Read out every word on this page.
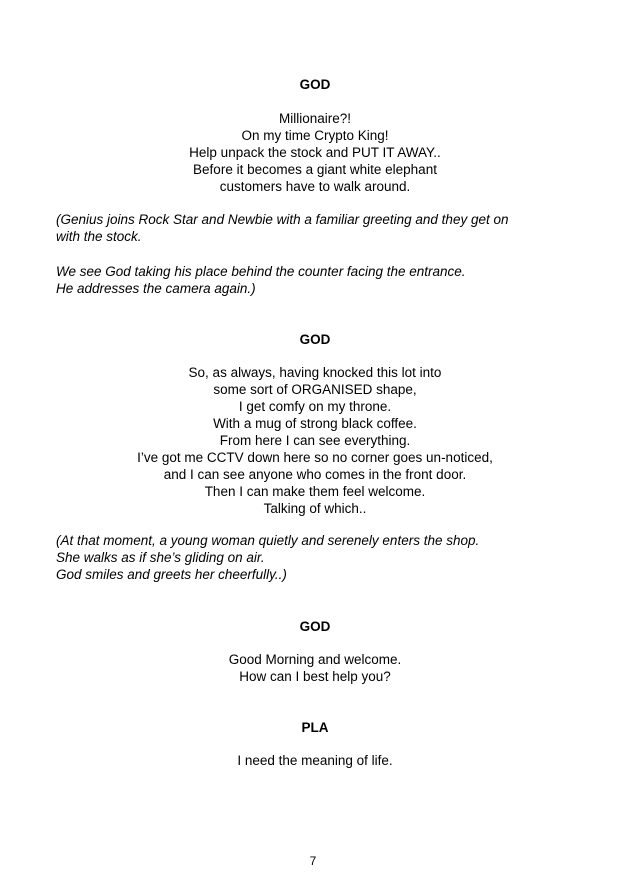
GOD
Millionaire?!
On my time Crypto King!
Help unpack the stock and PUT IT AWAY..
Before it becomes a giant white elephant
customers have to walk around.
(Genius joins Rock Star and Newbie with a familiar greeting and they get on
with the stock.
We see God taking his place behind the counter facing the entrance.
He addresses the camera again.)
GOD
So, as always, having knocked this lot into
some sort of ORGANISED shape,
I get comfy on my throne.
With a mug of strong black coffee.
From here I can see everything.
I’ve got me CCTV down here so no corner goes un-noticed,
and I can see anyone who comes in the front door.
Then I can make them feel welcome.
Talking of which..
(At that moment, a young woman quietly and serenely enters the shop.
She walks as if she’s gliding on air.
God smiles and greets her cheerfully..)
GOD
Good Morning and welcome.
How can I best help you?
PLA
I need the meaning of life.
7
